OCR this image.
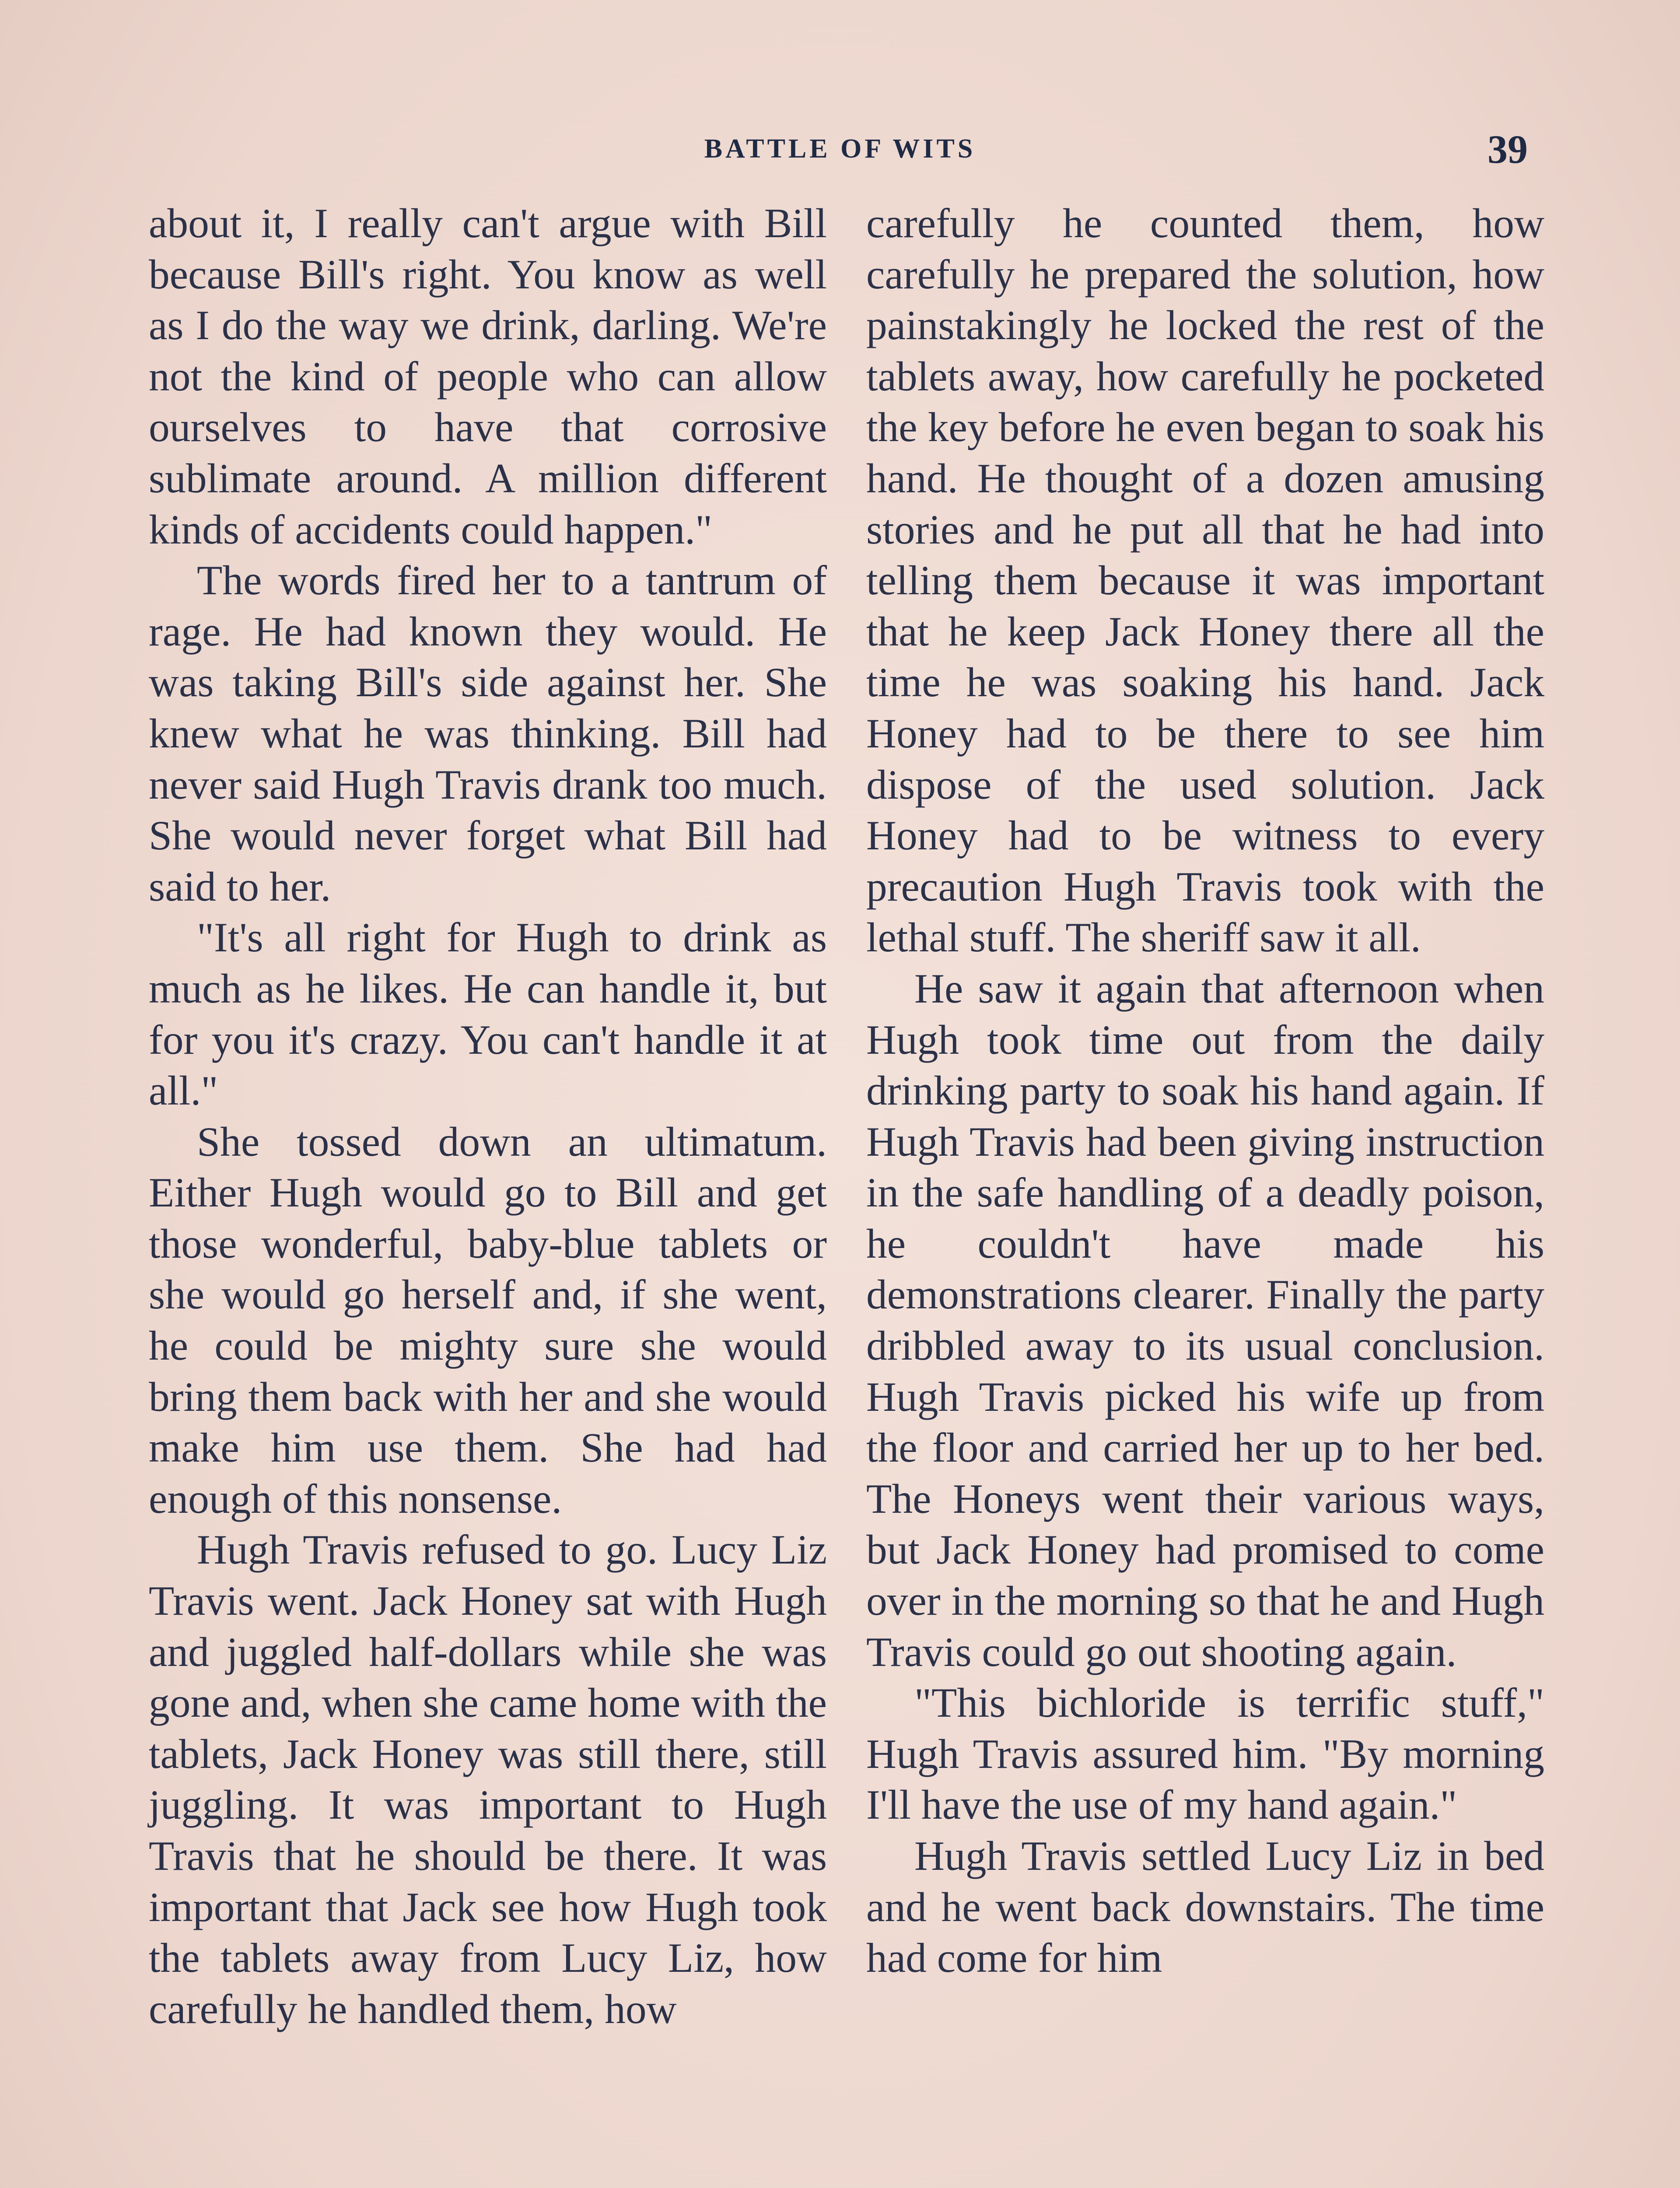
BATTLE OF WITS	39

about it, I really can't argue with Bill because Bill's right. You know as well as I do the way we drink, darling. We're not the kind of people who can allow ourselves to have that corrosive sublimate around. A million different kinds of accidents could happen."

The words fired her to a tantrum of rage. He had known they would. He was taking Bill's side against her. She knew what he was thinking. Bill had never said Hugh Travis drank too much. She would never forget what Bill had said to her.

"It's all right for Hugh to drink as much as he likes. He can handle it, but for you it's crazy. You can't handle it at all."

She tossed down an ultimatum. Either Hugh would go to Bill and get those wonderful, baby-blue tablets or she would go herself and, if she went, he could be mighty sure she would bring them back with her and she would make him use them. She had had enough of this nonsense.

Hugh Travis refused to go. Lucy Liz Travis went. Jack Honey sat with Hugh and juggled half-dollars while she was gone and, when she came home with the tablets, Jack Honey was still there, still juggling. It was important to Hugh Travis that he should be there. It was important that Jack see how Hugh took the tablets away from Lucy Liz, how carefully he handled them, how

carefully he counted them, how carefully he prepared the solution, how painstakingly he locked the rest of the tablets away, how carefully he pocketed the key before he even began to soak his hand. He thought of a dozen amusing stories and he put all that he had into telling them because it was important that he keep Jack Honey there all the time he was soaking his hand. Jack Honey had to be there to see him dispose of the used solution. Jack Honey had to be witness to every precaution Hugh Travis took with the lethal stuff. The sheriff saw it all.

He saw it again that afternoon when Hugh took time out from the daily drinking party to soak his hand again. If Hugh Travis had been giving instruction in the safe handling of a deadly poison, he couldn't have made his demonstrations clearer. Finally the party dribbled away to its usual conclusion. Hugh Travis picked his wife up from the floor and carried her up to her bed. The Honeys went their various ways, but Jack Honey had promised to come over in the morning so that he and Hugh Travis could go out shooting again.

"This bichloride is terrific stuff," Hugh Travis assured him. "By morning I'll have the use of my hand again."

Hugh Travis settled Lucy Liz in bed and he went back downstairs. The time had come for him
